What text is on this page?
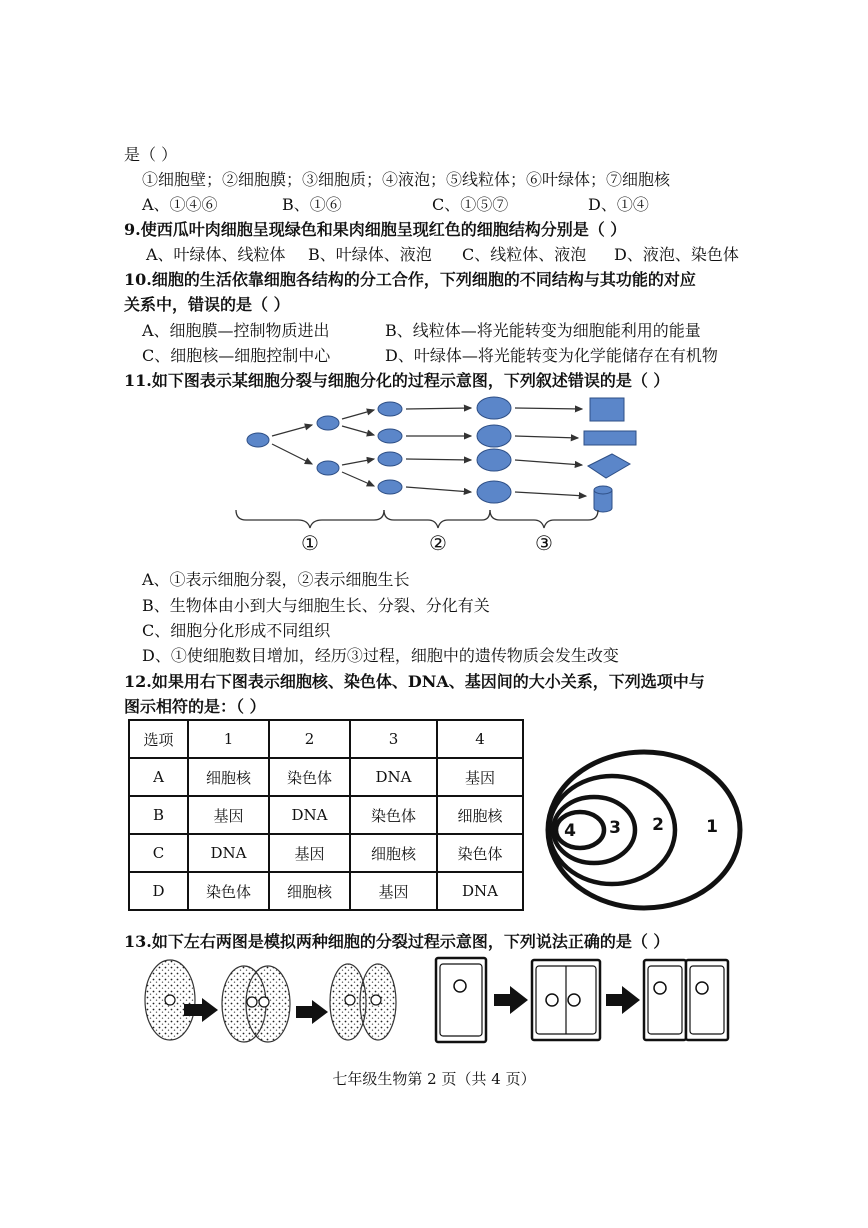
是（ ）
①细胞壁；②细胞膜；③细胞质；④液泡；⑤线粒体；⑥叶绿体；⑦细胞核
A、①④⑥	B、①⑥	C、①⑤⑦	D、①④
9.使西瓜叶肉细胞呈现绿色和果肉细胞呈现红色的细胞结构分别是（ ）
A、叶绿体、线粒体 B、叶绿体、液泡 C、线粒体、液泡 D、液泡、染色体
10.细胞的生活依靠细胞各结构的分工合作，下列细胞的不同结构与其功能的对应
关系中，错误的是（ ）
A、细胞膜—控制物质进出	B、线粒体—将光能转变为细胞能利用的能量
C、细胞核—细胞控制中心	D、叶绿体—将光能转变为化学能储存在有机物
11.如下图表示某细胞分裂与细胞分化的过程示意图，下列叙述错误的是（ ）
①	②	③
A、①表示细胞分裂，②表示细胞生长
B、生物体由小到大与细胞生长、分裂、分化有关
C、细胞分化形成不同组织
D、①使细胞数目增加，经历③过程，细胞中的遗传物质会发生改变
12.如果用右下图表示细胞核、染色体、DNA、基因间的大小关系，下列选项中与
图示相符的是：（ ）
选项	1	2	3	4
A	细胞核	染色体	DNA	基因
B	基因	DNA	染色体	细胞核
C	DNA	基因	细胞核	染色体
D	染色体	细胞核	基因	DNA
4 3 2 1
13.如下左右两图是模拟两种细胞的分裂过程示意图，下列说法正确的是（ ）
七年级生物第 2 页（共 4 页）
